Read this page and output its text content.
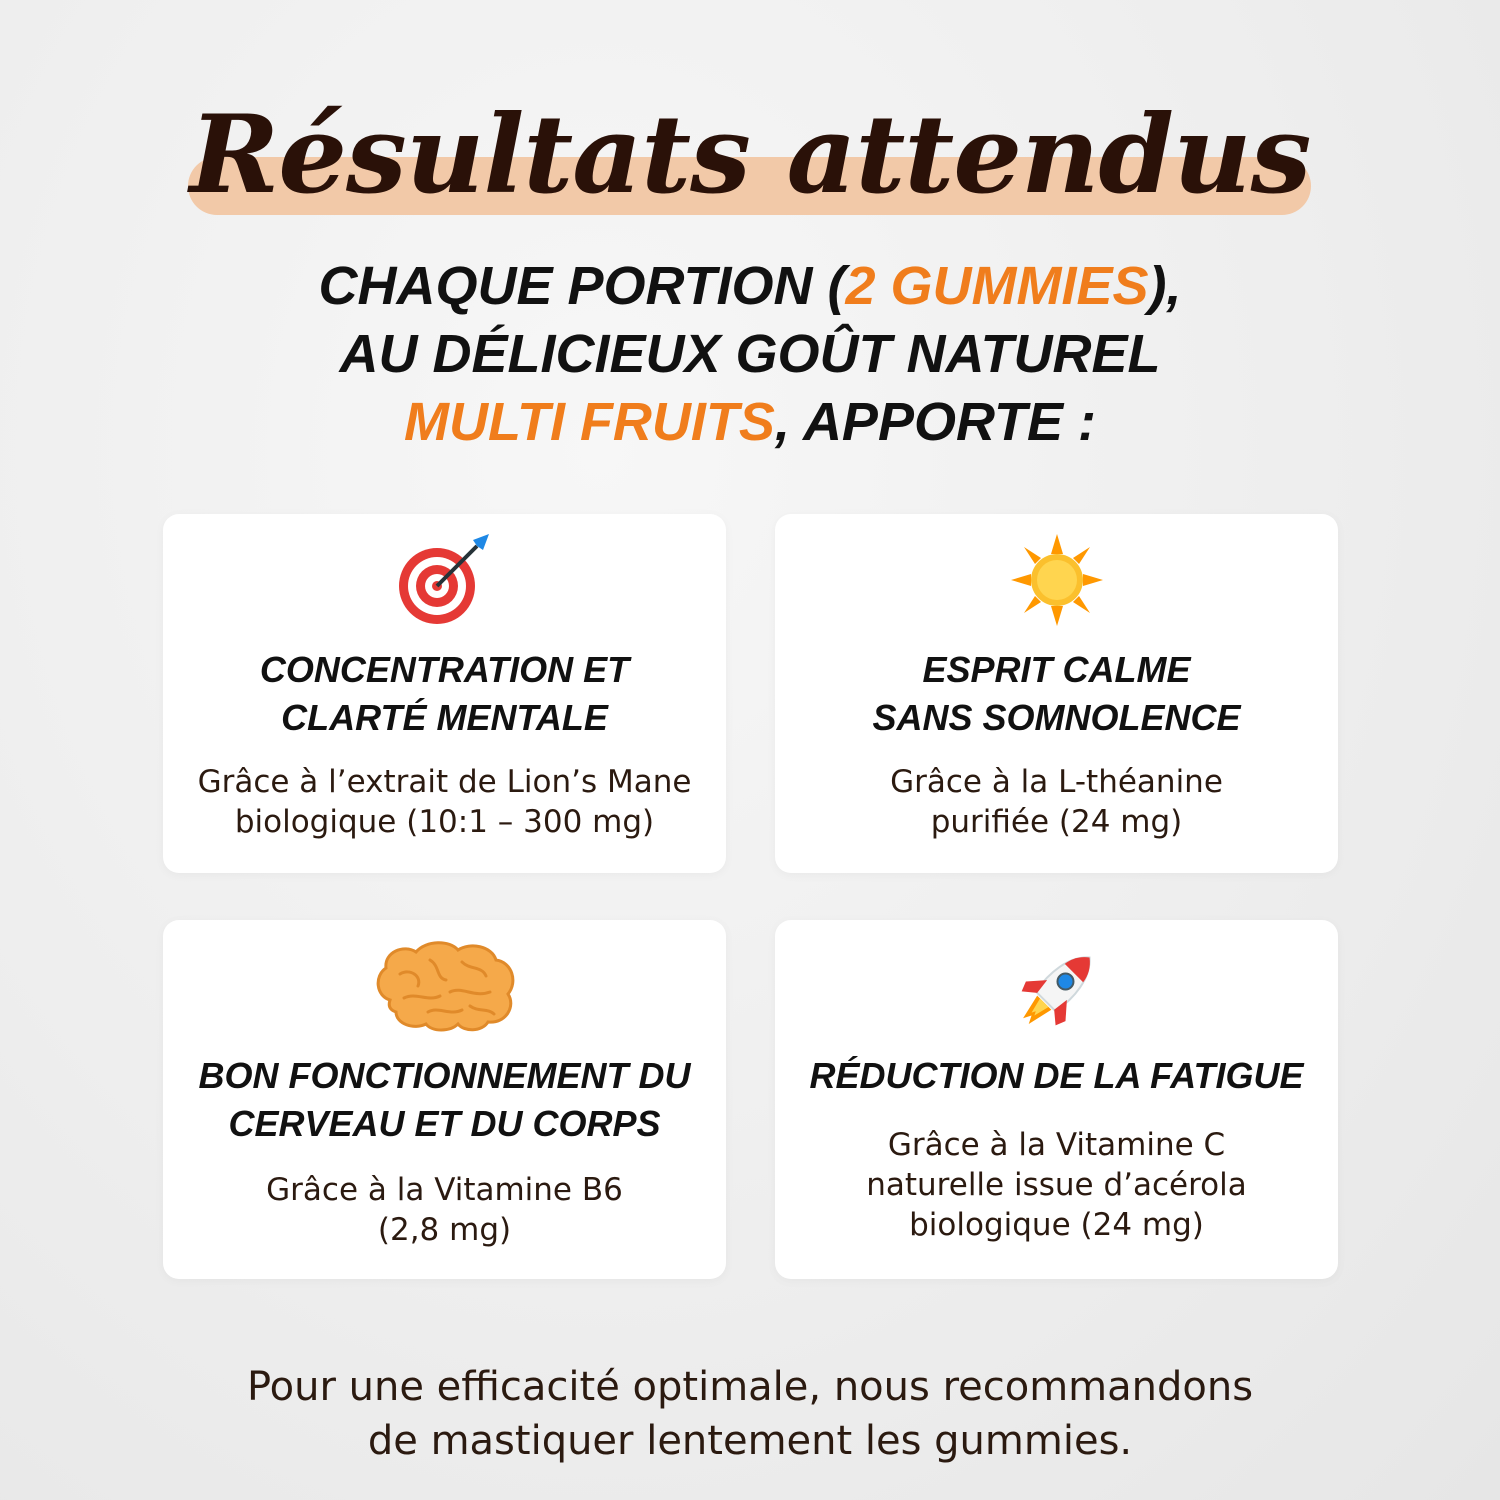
Résultats attendus
CHAQUE PORTION (2 GUMMIES),
AU DÉLICIEUX GOÛT NATUREL
MULTI FRUITS, APPORTE :
CONCENTRATION ET
CLARTÉ MENTALE
Grâce à l’extrait de Lion’s Mane
biologique (10:1 – 300 mg)
ESPRIT CALME
SANS SOMNOLENCE
Grâce à la L-théanine
purifiée (24 mg)
BON FONCTIONNEMENT DU
CERVEAU ET DU CORPS
Grâce à la Vitamine B6
(2,8 mg)
RÉDUCTION DE LA FATIGUE
Grâce à la Vitamine C
naturelle issue d’acérola
biologique (24 mg)
Pour une efficacité optimale, nous recommandons
de mastiquer lentement les gummies.
